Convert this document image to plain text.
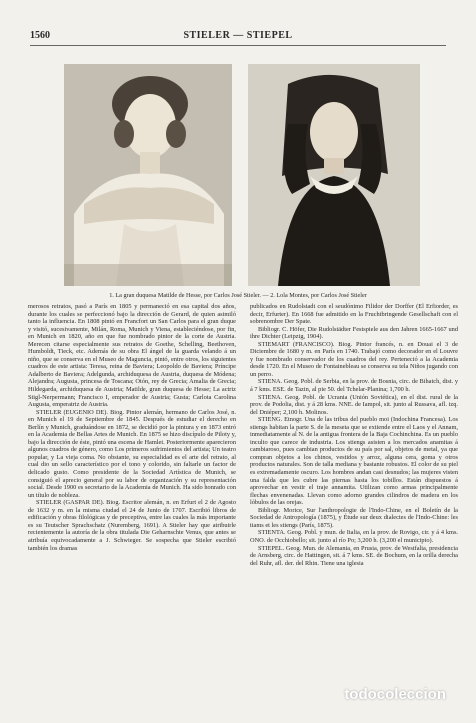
1560	STIELER — STIEPEL
1. La gran duquesa Matilde de Hesse, por Carlos José Stieler. — 2. Lola Montes, por Carlos José Stieler

merosos retratos, pasó a París en 1805 y permaneció en esa capital dos años, durante los cuales se perfeccionó bajo la dirección de Gerard, de quien asimiló tanto la influencia. En 1808 pintó en Francfort un San Carlos para el gran duque y visitó, sucesivamente, Milán, Roma, Munich y Viena, estableciéndose, por fin, en Munich en 1820, año en que fue nombrado pintor de la corte de Austria. Merecen citarse especialmente sus retratos de Goethe, Schelling, Beethoven, Humboldt, Tieck, etc. Además de su obra El ángel de la guarda velando á un niño, que se conserva en el Museo de Maguncia, pintó, entre otros, los siguientes cuadros de este artista: Teresa, reina de Baviera; Leopoldo de Baviera; Príncipe Adalberto de Baviera; Adelgunda, archiduquesa de Austria, duquesa de Módena; Alejandra; Augusta, princesa de Toscana; Otón, rey de Grecia; Amalia de Grecia; Hildegarda, archiduquesa de Austria; Matilde, gran duquesa de Hesse; La actriz Stigl-Nerpermann; Francisco I, emperador de Austria; Gusta; Carlota Carolina Augusta, emperatriz de Austria.

STIELER (EUGENIO DE). Biog. Pintor alemán, hermano de Carlos José, n. en Munich el 19 de Septiembre de 1845. Después de estudiar el derecho en Berlín y Munich, graduándose en 1872, se decidió por la pintura y en 1873 entró en la Academia de Bellas Artes de Munich. En 1875 se hizo discípulo de Piloty y, bajo la dirección de éste, pintó una escena de Hamlet. Posteriormente aparecieron algunos cuadros de género, como Los primeros sufrimientos del artista; Un teatro popular, y La vieja coma. No obstante, su especialidad es el arte del retrato, al cual dio un sello característico por el tono y colorido, sin faltarle un factor de delicado gusto. Como presidente de la Sociedad Artística de Munich, se consiguió el aprecio general por su labor de organización y su representación social. Desde 1900 es secretario de la Academia de Munich. Ha sido honrado con un título de nobleza.

STIELER (GASPAR DE). Biog. Escritor alemán, n. en Erfurt el 2 de Agosto de 1632 y m. en la misma ciudad el 24 de Junio de 1707. Escribió libros de edificación y obras filológicas y de preceptiva, entre las cuales la más importante es su Teutscher Sprachschatz (Nuremberg, 1691). A Stieler hay que atribuirle recientemente la autoría de la obra titulada Die Geharnschte Venus, que antes se atribuía equivocadamente a J. Schwieger. Se sospecha que Stieler escribió también los dramas

publicados en Rudolstadt con el seudónimo Filidor der Dorffer (El Erfiorder, es decir, Erfurter). En 1668 fue admitido en la Fruchtbringende Gesellschaft con el sobrenombre Der Spate.

Bibliogr. C. Höfer, Die Rudolstädter Festspiele aus den Jahren 1665-1667 und ihre Dichter (Leipzig, 1904).

STIEMART (FRANCISCO). Biog. Pintor francés, n. en Douai el 3 de Diciembre de 1680 y m. en París en 1740. Trabajó como decorador en el Louvre y fue nombrado conservador de los cuadros del rey. Perteneció a la Academia desde 1720. En el Museo de Fontainebleau se conserva su tela Niños jugando con un perro.

STIENA. Geog. Pobl. de Serbia, en la prov. de Bosnia, circ. de Bihatch, dist. y á 7 kms. ESE. de Tazin, al pie 50. del Tchelar-Planina; 1,700 h.

STIENA. Geog. Pobl. de Ucrania (Unión Soviética), en el dist. rural de la prov. de Podolia, dist. y á 28 kms. NNE. de Iampol, sit. junto al Russava, afl. izq. del Dniéper; 2,100 h. Molinos.

STIENG. Etnogr. Una de las tribus del pueblo moi (Indochina Francesa). Los stiengs habitan la parte S. de la meseta que se extiende entre el Laos y el Annam, inmediatamente al N. de la antigua frontera de la Baja Cochinchina. Es un pueblo inculto que carece de industria. Los stiengs asisten a los mercados anamitas á cambiaroso, pues cambian productos de su país por sal, objetos de metal, ya que compran objetos a los chinos, vestidos y arroz, alguna cera, goma y otros productos naturales. Son de talla mediana y bastante robustos. El color de su piel es extremadamente oscuro. Los hombres andan casi desnudos; las mujeres visten una falda que les cubre las piernas hasta los tobillos. Están dispuestos á aprovechar en vestir el traje annamita. Utilizan como armas principalmente flechas envenenadas. Llevan como adorno grandes cilindros de madera en los lóbulos de las orejas.

Bibliogr. Morice, Sur l'anthropologie de l'Indo-Chine, en el Boletín de la Sociedad de Antropología (1875), y Étude sur deux dialectes de l'Indo-Chine: les tiams et les stiengs (París, 1875).

STIENTA. Geog. Pobl. y mun. de Italia, en la prov. de Rovigo, cir. y á 4 kms. ONO. de Occhiobello; sit. junto al río Po; 3,200 h. (3,200 el municipio).

STIEPEL. Geog. Mun. de Alemania, en Prusia, prov. de Westfalia, presidencia de Arnsberg, circ. de Hattingen, sit. á 7 kms. SE. de Bochum, en la orilla derecha del Ruhr, afl. der. del Rhin. Tiene una iglesia

todocoleccion
